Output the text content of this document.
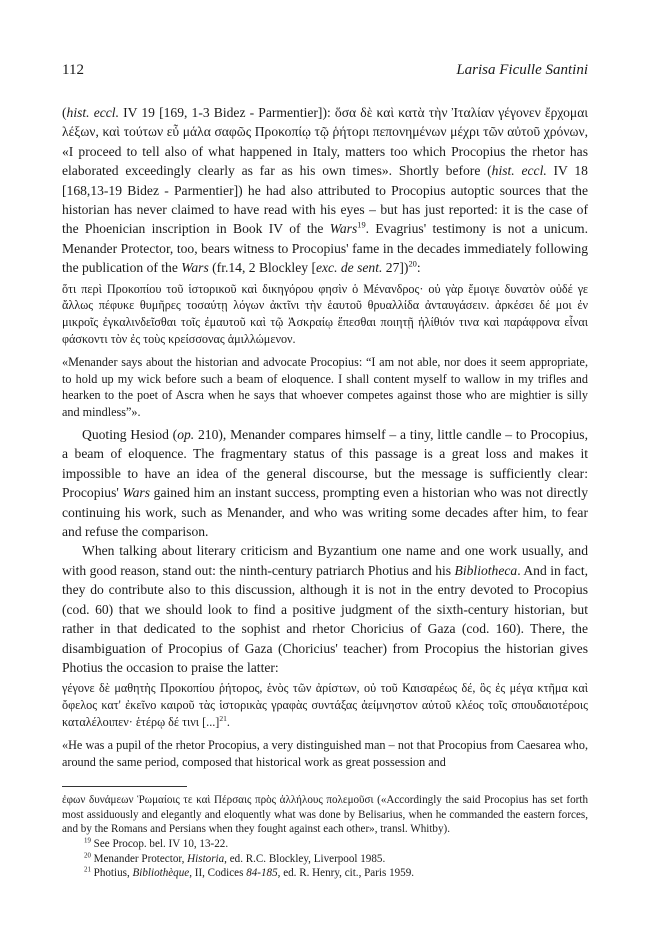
112	Larisa Ficulle Santini

(hist. eccl. IV 19 [169, 1-3 Bidez - Parmentier]): ὅσα δὲ καὶ κατὰ τὴν Ἰταλίαν γέγονεν ἔρχομαι λέξων, καὶ τούτων εὖ μάλα σαφῶς Προκοπίῳ τῷ ῥήτορι πεπονημένων μέχρι τῶν αὐτοῦ χρόνων, «I proceed to tell also of what happened in Italy, matters too which Procopius the rhetor has elaborated exceedingly clearly as far as his own times». Shortly before (hist. eccl. IV 18 [168,13-19 Bidez - Parmentier]) he had also attributed to Procopius autoptic sources that the historian has never claimed to have read with his eyes – but has just reported: it is the case of the Phoenician inscription in Book IV of the Wars$^{19}$. Evagrius' testimony is not a unicum. Menander Protector, too, bears witness to Procopius' fame in the decades immediately following the publication of the Wars (fr.14, 2 Blockley [exc. de sent. 27])$^{20}$:

ὅτι περὶ Προκοπίου τοῦ ἱστορικοῦ καὶ δικηγόρου φησὶν ὁ Μένανδρος· οὐ γὰρ ἔμοιγε δυνατὸν οὐδέ γε ἄλλως πέφυκε θυμῆρες τοσαύτῃ λόγων ἀκτῖνι τὴν ἑαυτοῦ θρυαλλίδα ἀνταυγάσειν. ἀρκέσει δέ μοι ἐν μικροῖς ἐγκαλινδεῖσθαι τοῖς ἐμαυτοῦ καὶ τῷ Ἀσκραίῳ ἕπεσθαι ποιητῇ ἠλίθιόν τινα καὶ παράφρονα εἶναι φάσκοντι τὸν ἐς τοὺς κρείσσονας ἁμιλλώμενον.

«Menander says about the historian and advocate Procopius: “I am not able, nor does it seem appropriate, to hold up my wick before such a beam of eloquence. I shall content myself to wallow in my trifles and hearken to the poet of Ascra when he says that whoever competes against those who are mightier is silly and mindless”».

Quoting Hesiod (op. 210), Menander compares himself – a tiny, little candle – to Procopius, a beam of eloquence. The fragmentary status of this passage is a great loss and makes it impossible to have an idea of the general discourse, but the message is sufficiently clear: Procopius' Wars gained him an instant success, prompting even a historian who was not directly continuing his work, such as Menander, and who was writing some decades after him, to fear and refuse the comparison.

When talking about literary criticism and Byzantium one name and one work usually, and with good reason, stand out: the ninth-century patriarch Photius and his Bibliotheca. And in fact, they do contribute also to this discussion, although it is not in the entry devoted to Procopius (cod. 60) that we should look to find a positive judgment of the sixth-century historian, but rather in that dedicated to the sophist and rhetor Choricius of Gaza (cod. 160). There, the disambiguation of Procopius of Gaza (Choricius' teacher) from Procopius the historian gives Photius the occasion to praise the latter:

γέγονε δὲ μαθητὴς Προκοπίου ῥήτορος, ἑνὸς τῶν ἀρίστων, οὐ τοῦ Καισαρέως δέ, ὃς ἐς μέγα κτῆμα καὶ ὄφελος κατ' ἐκεῖνο καιροῦ τὰς ἱστορικὰς γραφὰς συντάξας ἀείμνηστον αὐτοῦ κλέος τοῖς σπουδαιοτέροις καταλέλοιπεν· ἑτέρῳ δέ τινι [...]$^{21}$.

«He was a pupil of the rhetor Procopius, a very distinguished man – not that Procopius from Caesarea who, around the same period, composed that historical work as great possession and

ἐφων δυνάμεων Ῥωμαίοις τε καὶ Πέρσαις πρὸς ἀλλήλους πολεμοῦσι («Accordingly the said Procopius has set forth most assiduously and elegantly and eloquently what was done by Belisarius, when he commanded the eastern forces, and by the Romans and Persians when they fought against each other», transl. Whitby).

$^{19}$ See Procop. bel. IV 10, 13-22.

$^{20}$ Menander Protector, Historia, ed. R.C. Blockley, Liverpool 1985.

$^{21}$ Photius, Bibliothèque, II, Codices 84-185, ed. R. Henry, cit., Paris 1959.
